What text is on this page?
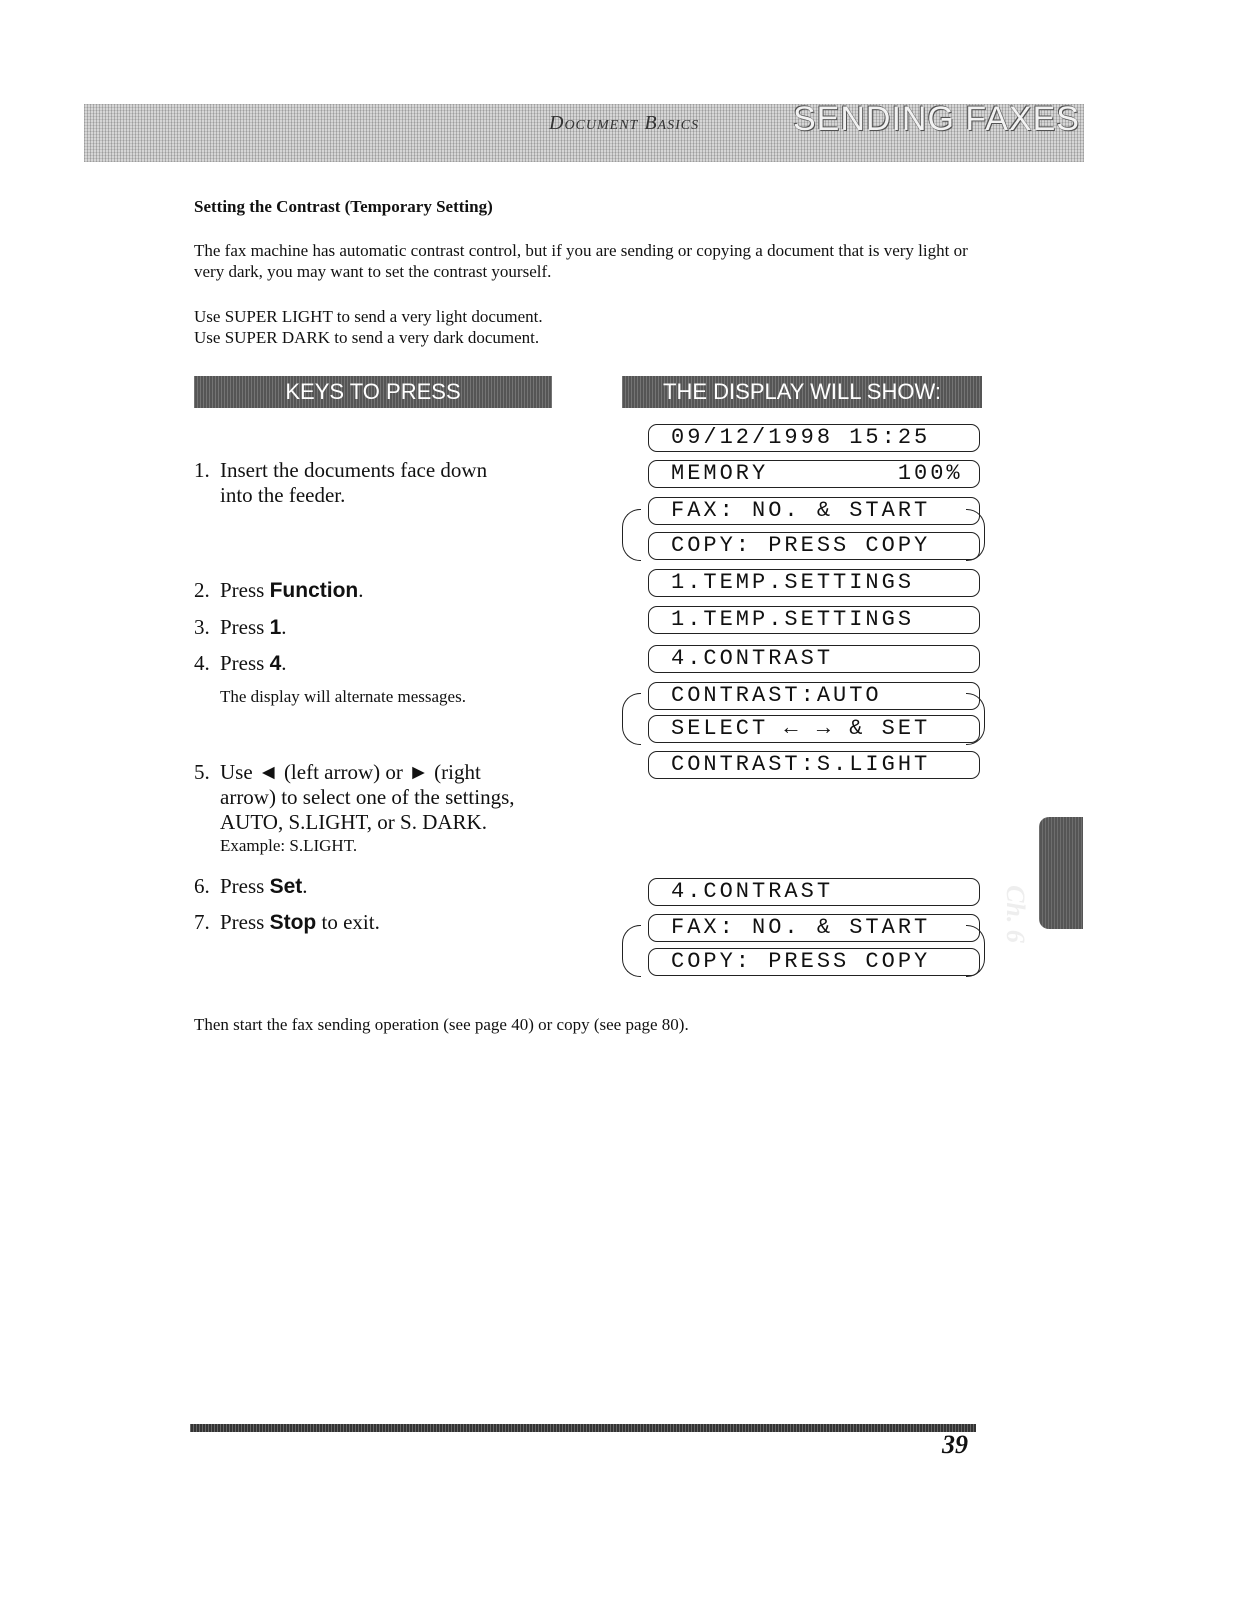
Document Basics	SENDING FAXES
Setting the Contrast (Temporary Setting)
The fax machine has automatic contrast control, but if you are sending or copying a document that is very light or very dark, you may want to set the contrast yourself.
Use SUPER LIGHT to send a very light document.
Use SUPER DARK to send a very dark document.
KEYS TO PRESS	THE DISPLAY WILL SHOW:
1. Insert the documents face down
into the feeder.
2. Press Function.
3. Press 1.
4. Press 4.
The display will alternate messages.
5. Use ◄ (left arrow) or ► (right
arrow) to select one of the settings,
AUTO, S.LIGHT, or S. DARK.
Example: S.LIGHT.
6. Press Set.
7. Press Stop to exit.
09/12/1998 15:25
MEMORY        100%
FAX: NO. & START
COPY: PRESS COPY
1.TEMP.SETTINGS
1.TEMP.SETTINGS
4.CONTRAST
CONTRAST:AUTO
SELECT ← → & SET
CONTRAST:S.LIGHT
4.CONTRAST
FAX: NO. & START
COPY: PRESS COPY
Then start the fax sending operation (see page 40) or copy (see page 80).
Ch. 6
39
